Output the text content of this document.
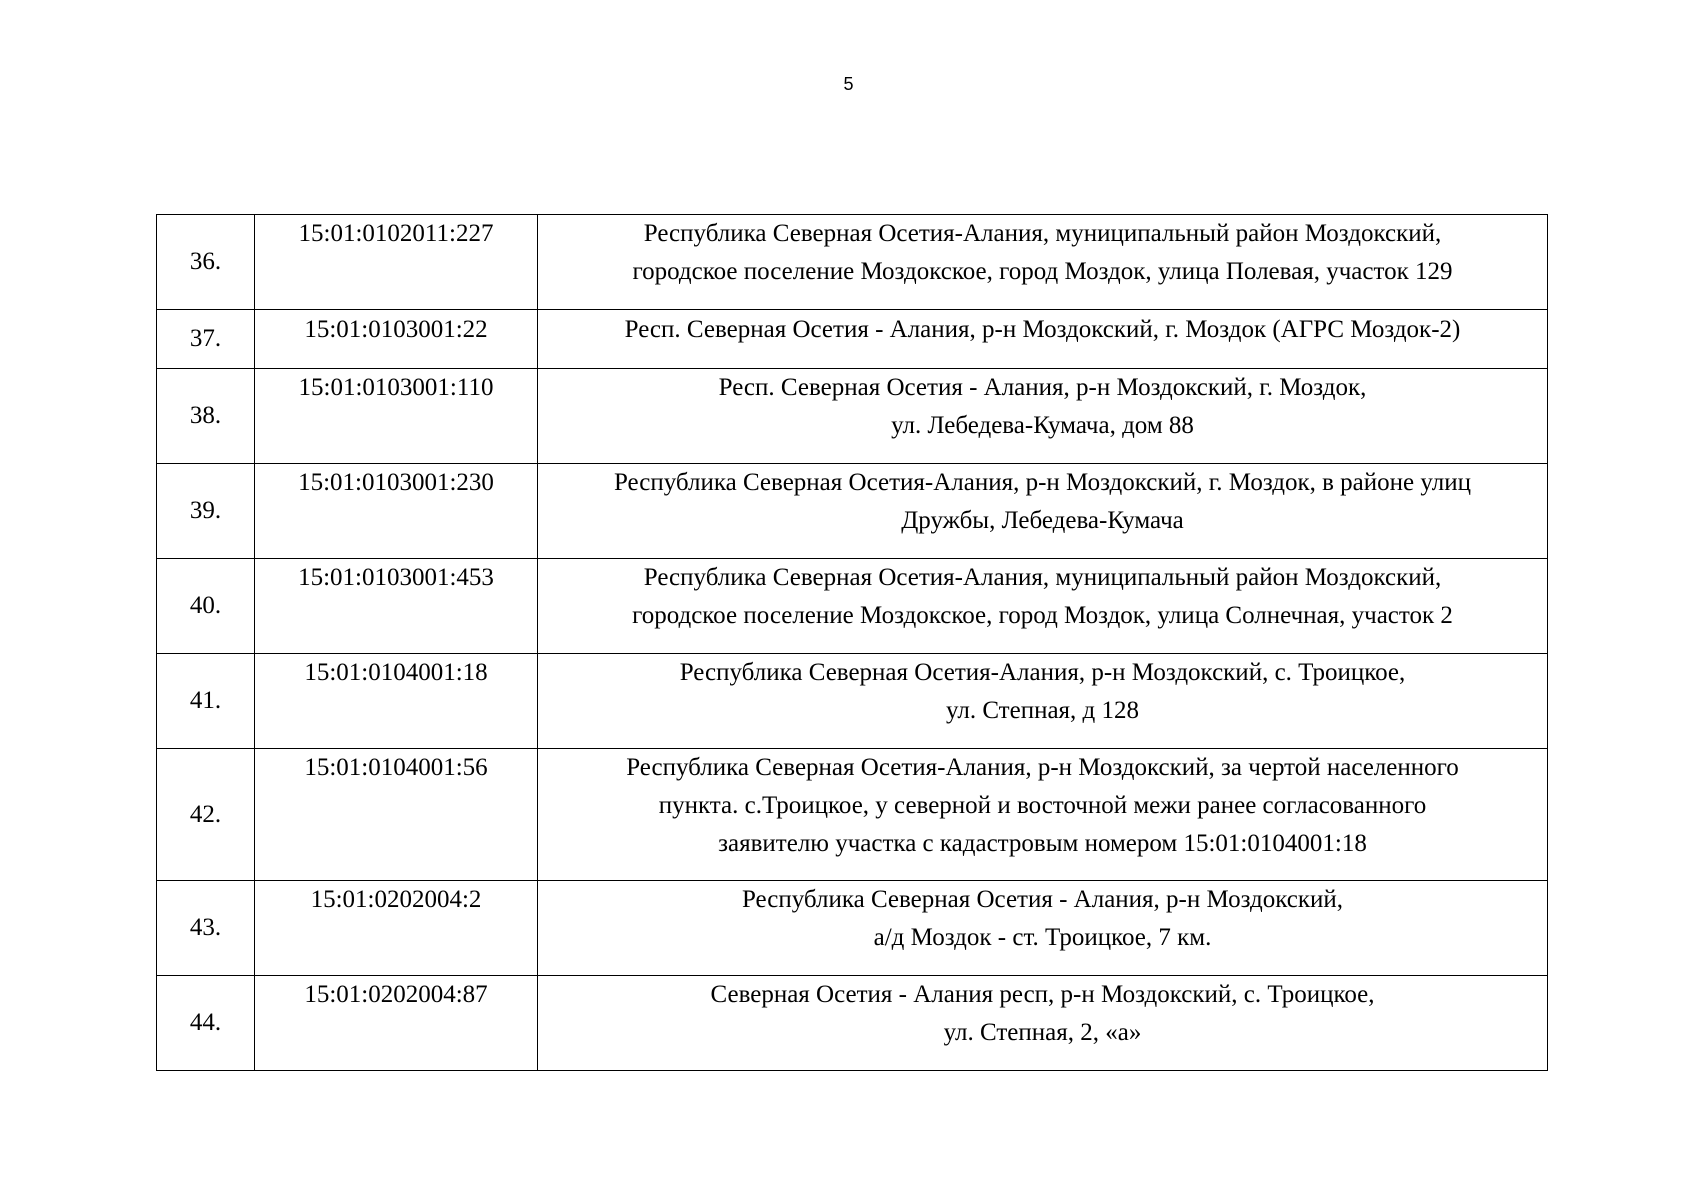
5
36.	15:01:0102011:227	Республика Северная Осетия-Алания, муниципальный район Моздокский,
городское поселение Моздокское, город Моздок, улица Полевая, участок 129

37.	15:01:0103001:22	Респ. Северная Осетия - Алания, р-н Моздокский, г. Моздок (АГРС Моздок-2)

38.	15:01:0103001:110	Респ. Северная Осетия - Алания, р-н Моздокский, г. Моздок,
ул. Лебедева-Кумача, дом 88

39.	15:01:0103001:230	Республика Северная Осетия-Алания, р-н Моздокский, г. Моздок, в районе улиц
Дружбы, Лебедева-Кумача

40.	15:01:0103001:453	Республика Северная Осетия-Алания, муниципальный район Моздокский,
городское поселение Моздокское, город Моздок, улица Солнечная, участок 2

41.	15:01:0104001:18	Республика Северная Осетия-Алания, р-н Моздокский, с. Троицкое,
ул. Степная, д 128

42.	15:01:0104001:56	Республика Северная Осетия-Алания, р-н Моздокский, за чертой населенного
пункта. с.Троицкое, у северной и восточной межи ранее согласованного
заявителю участка с кадастровым номером 15:01:0104001:18

43.	15:01:0202004:2	Республика Северная Осетия - Алания, р-н Моздокский,
а/д Моздок - ст. Троицкое, 7 км.

44.	15:01:0202004:87	Северная Осетия - Алания респ, р-н Моздокский, с. Троицкое,
ул. Степная, 2, «а»
